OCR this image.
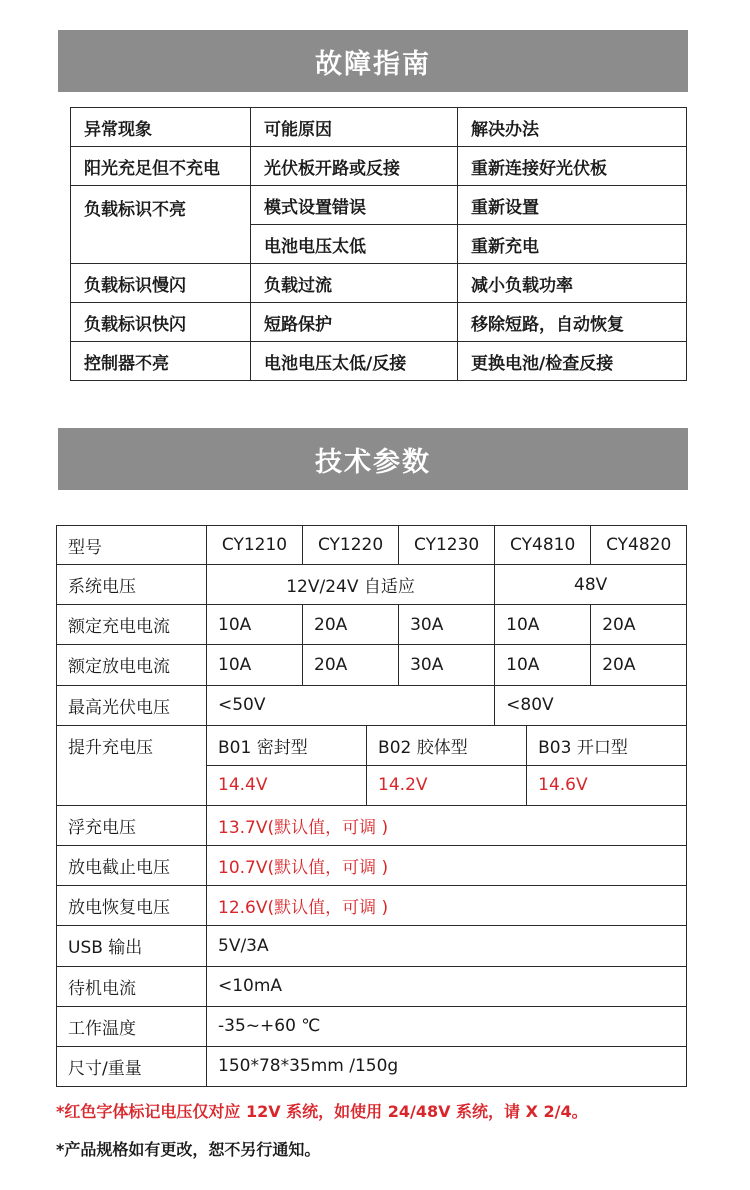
故障指南
异常现象	可能原因	解决办法
阳光充足但不充电	光伏板开路或反接	重新连接好光伏板
负载标识不亮	模式设置错误	重新设置
	电池电压太低	重新充电
负载标识慢闪	负载过流	减小负载功率
负载标识快闪	短路保护	移除短路，自动恢复
控制器不亮	电池电压太低/反接	更换电池/检查反接
技术参数
型号	CY1210	CY1220		CY1230	CY4810		CY4820
系统电压	12V/24V 自适应				48V		
额定充电电流	10A	20A		30A	10A		20A
额定放电电流	10A	20A		30A	10A		20A
最高光伏电压	<50V				<80V		
提升充电压	B01 密封型		B02 胶体型			B03 开口型	
	14.4V		14.2V			14.6V	
浮充电压	13.7V(默认值，可调 )						
放电截止电压	10.7V(默认值，可调 )						
放电恢复电压	12.6V(默认值，可调 )						
USB 输出	5V/3A						
待机电流	<10mA						
工作温度	-35~+60 ℃						
尺寸/重量	150*78*35mm /150g						
*红色字体标记电压仅对应 12V 系统，如使用 24/48V 系统，请 X 2/4。
*产品规格如有更改，恕不另行通知。
